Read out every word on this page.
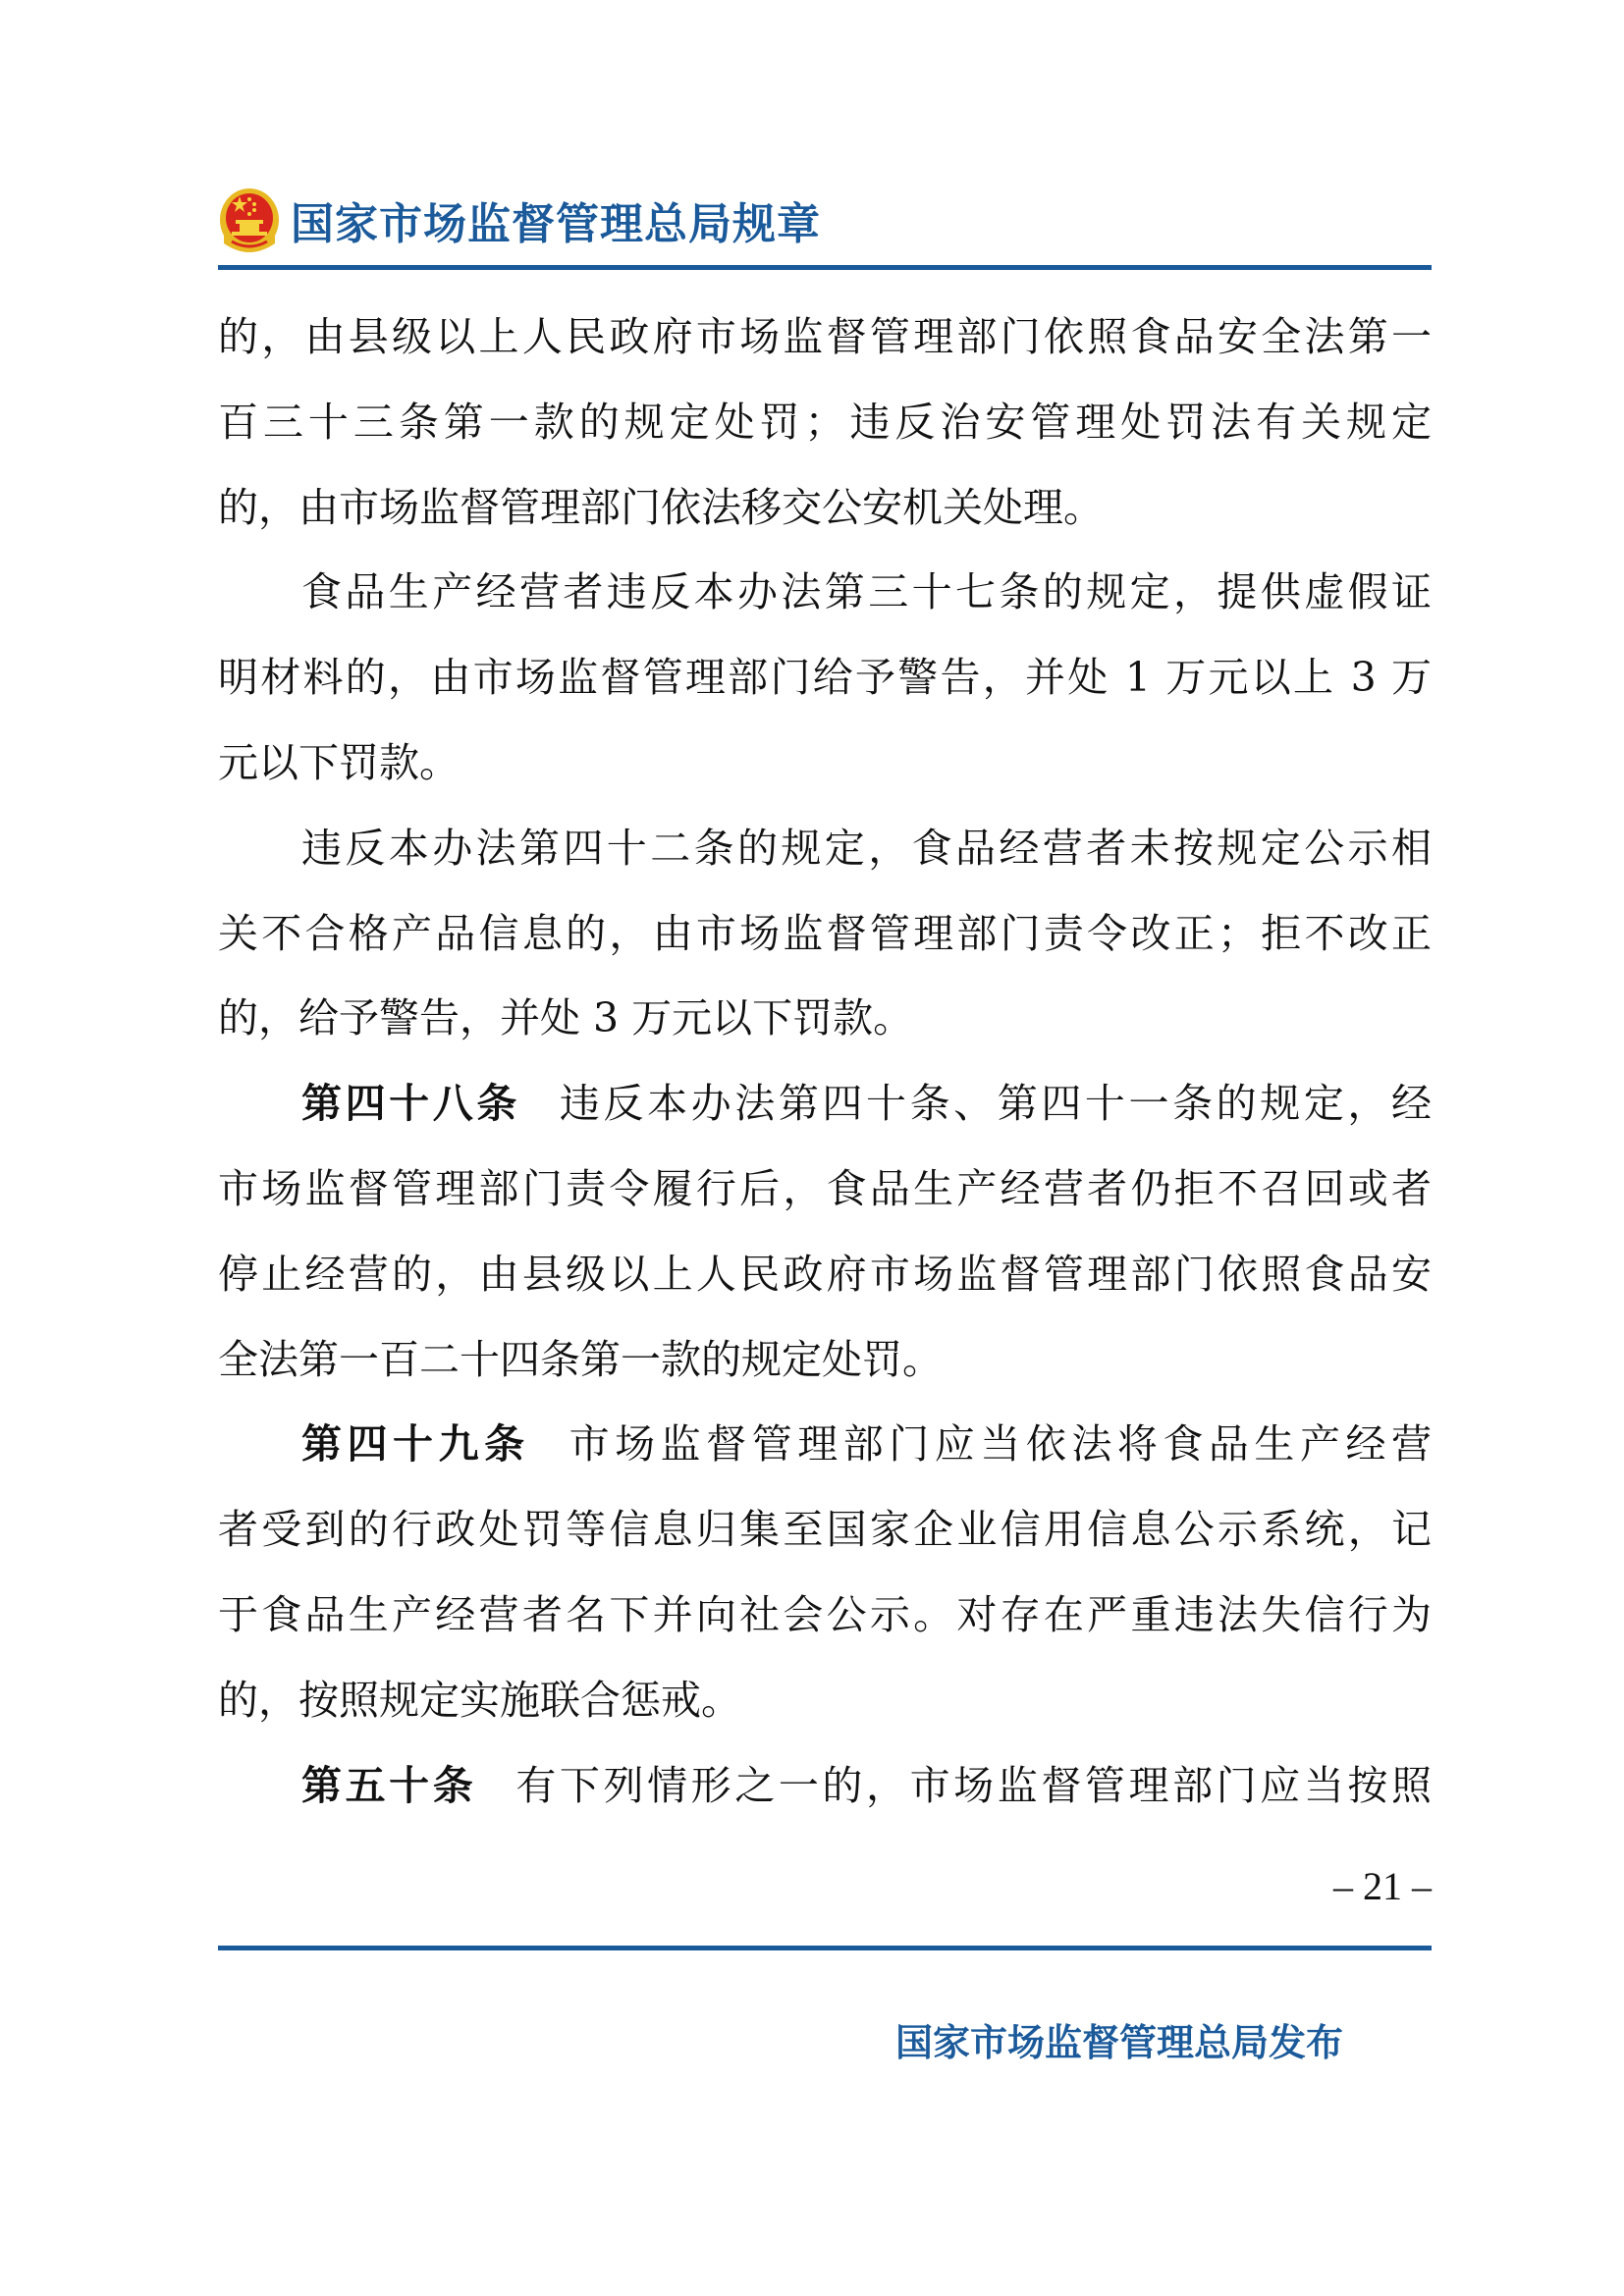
国家市场监督管理总局规章
的，由县级以上人民政府市场监督管理部门依照食品安全法第一
百三十三条第一款的规定处罚；违反治安管理处罚法有关规定
的，由市场监督管理部门依法移交公安机关处理。
食品生产经营者违反本办法第三十七条的规定，提供虚假证
明材料的，由市场监督管理部门给予警告，并处 1 万元以上 3 万
元以下罚款。
违反本办法第四十二条的规定，食品经营者未按规定公示相
关不合格产品信息的，由市场监督管理部门责令改正；拒不改正
的，给予警告，并处 3 万元以下罚款。
第四十八条 违反本办法第四十条、第四十一条的规定，经
市场监督管理部门责令履行后，食品生产经营者仍拒不召回或者
停止经营的，由县级以上人民政府市场监督管理部门依照食品安
全法第一百二十四条第一款的规定处罚。
第四十九条 市场监督管理部门应当依法将食品生产经营
者受到的行政处罚等信息归集至国家企业信用信息公示系统，记
于食品生产经营者名下并向社会公示。对存在严重违法失信行为
的，按照规定实施联合惩戒。
第五十条 有下列情形之一的，市场监督管理部门应当按照
– 21 –
国家市场监督管理总局发布
